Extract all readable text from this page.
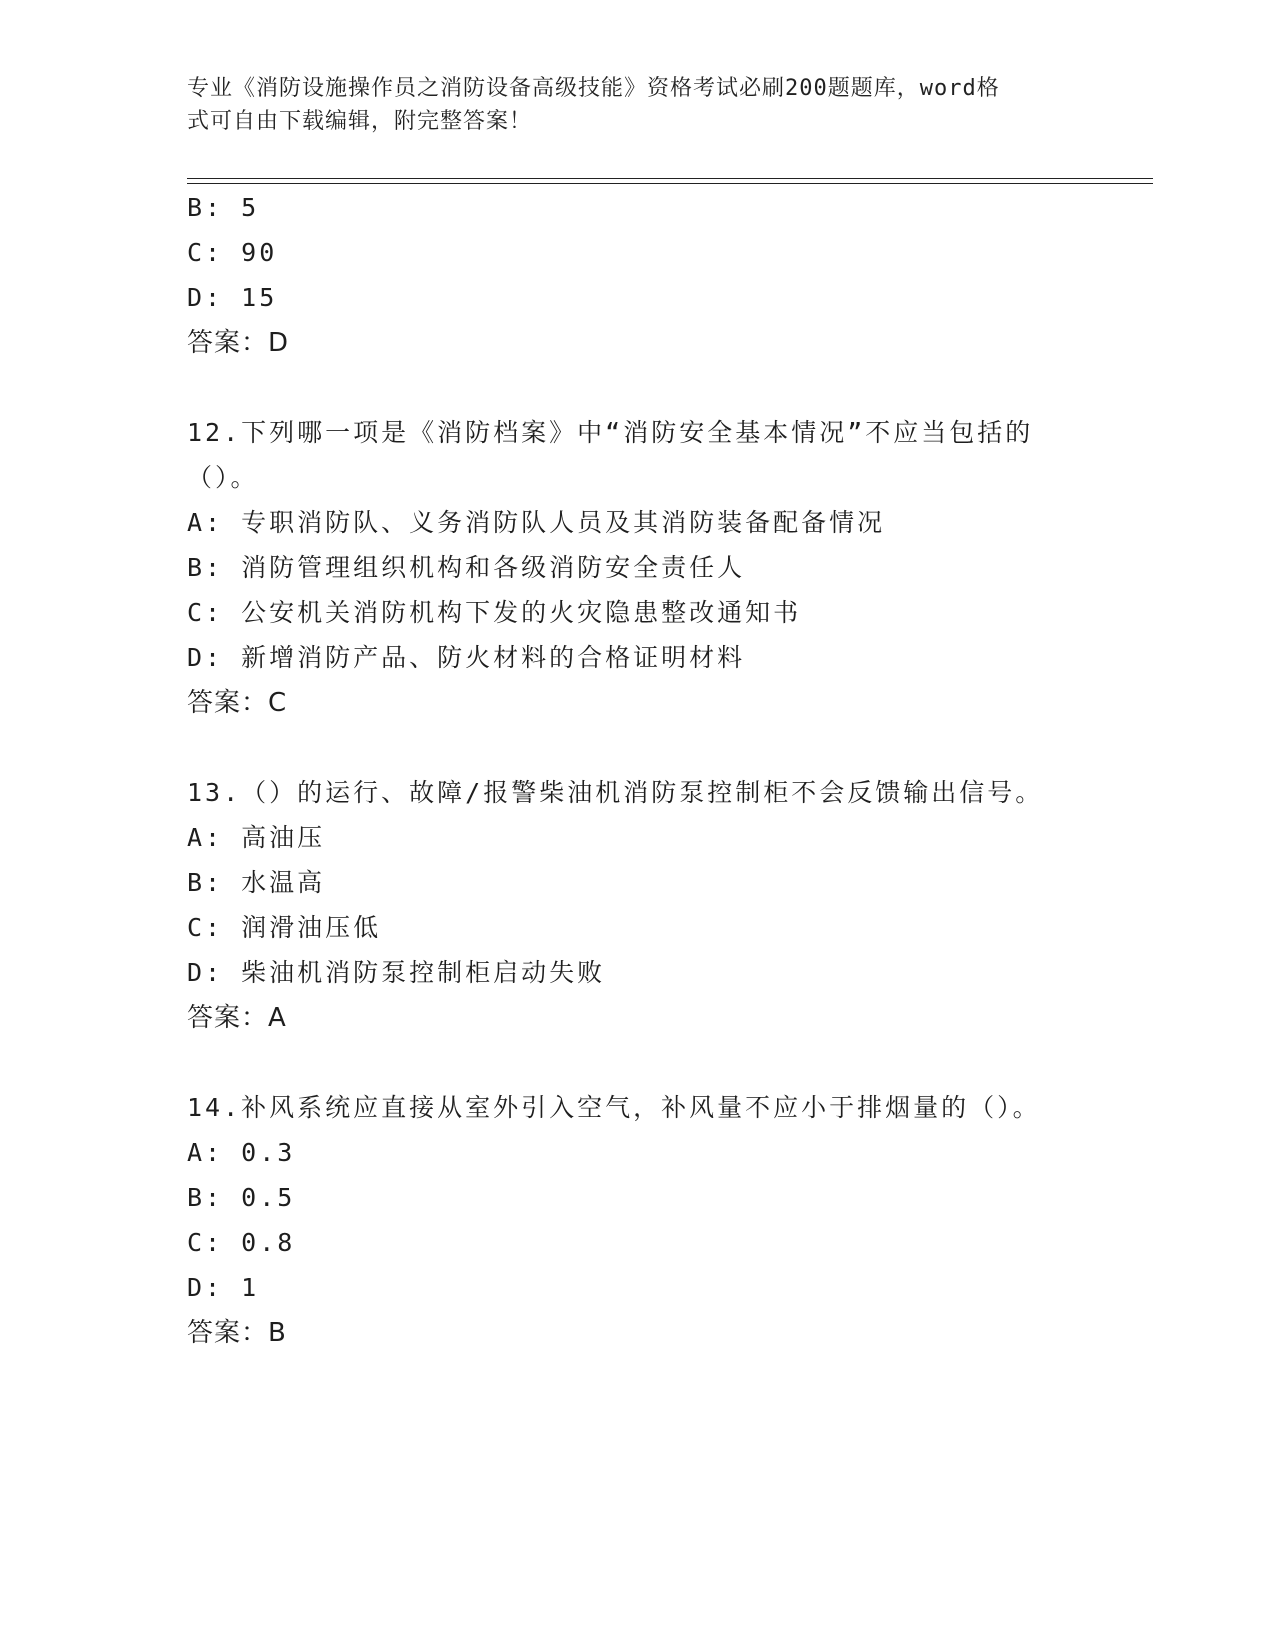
专业《消防设施操作员之消防设备高级技能》资格考试必刷200题题库，word格
式可自由下载编辑，附完整答案！
B: 5
C: 90
D: 15
答案：D
12.下列哪一项是《消防档案》中“消防安全基本情况”不应当包括的
（）。
A: 专职消防队、义务消防队人员及其消防装备配备情况
B: 消防管理组织机构和各级消防安全责任人
C: 公安机关消防机构下发的火灾隐患整改通知书
D: 新增消防产品、防火材料的合格证明材料
答案：C
13.（）的运行、故障/报警柴油机消防泵控制柜不会反馈输出信号。
A: 高油压
B: 水温高
C: 润滑油压低
D: 柴油机消防泵控制柜启动失败
答案：A
14.补风系统应直接从室外引入空气，补风量不应小于排烟量的（）。
A: 0.3
B: 0.5
C: 0.8
D: 1
答案：B
